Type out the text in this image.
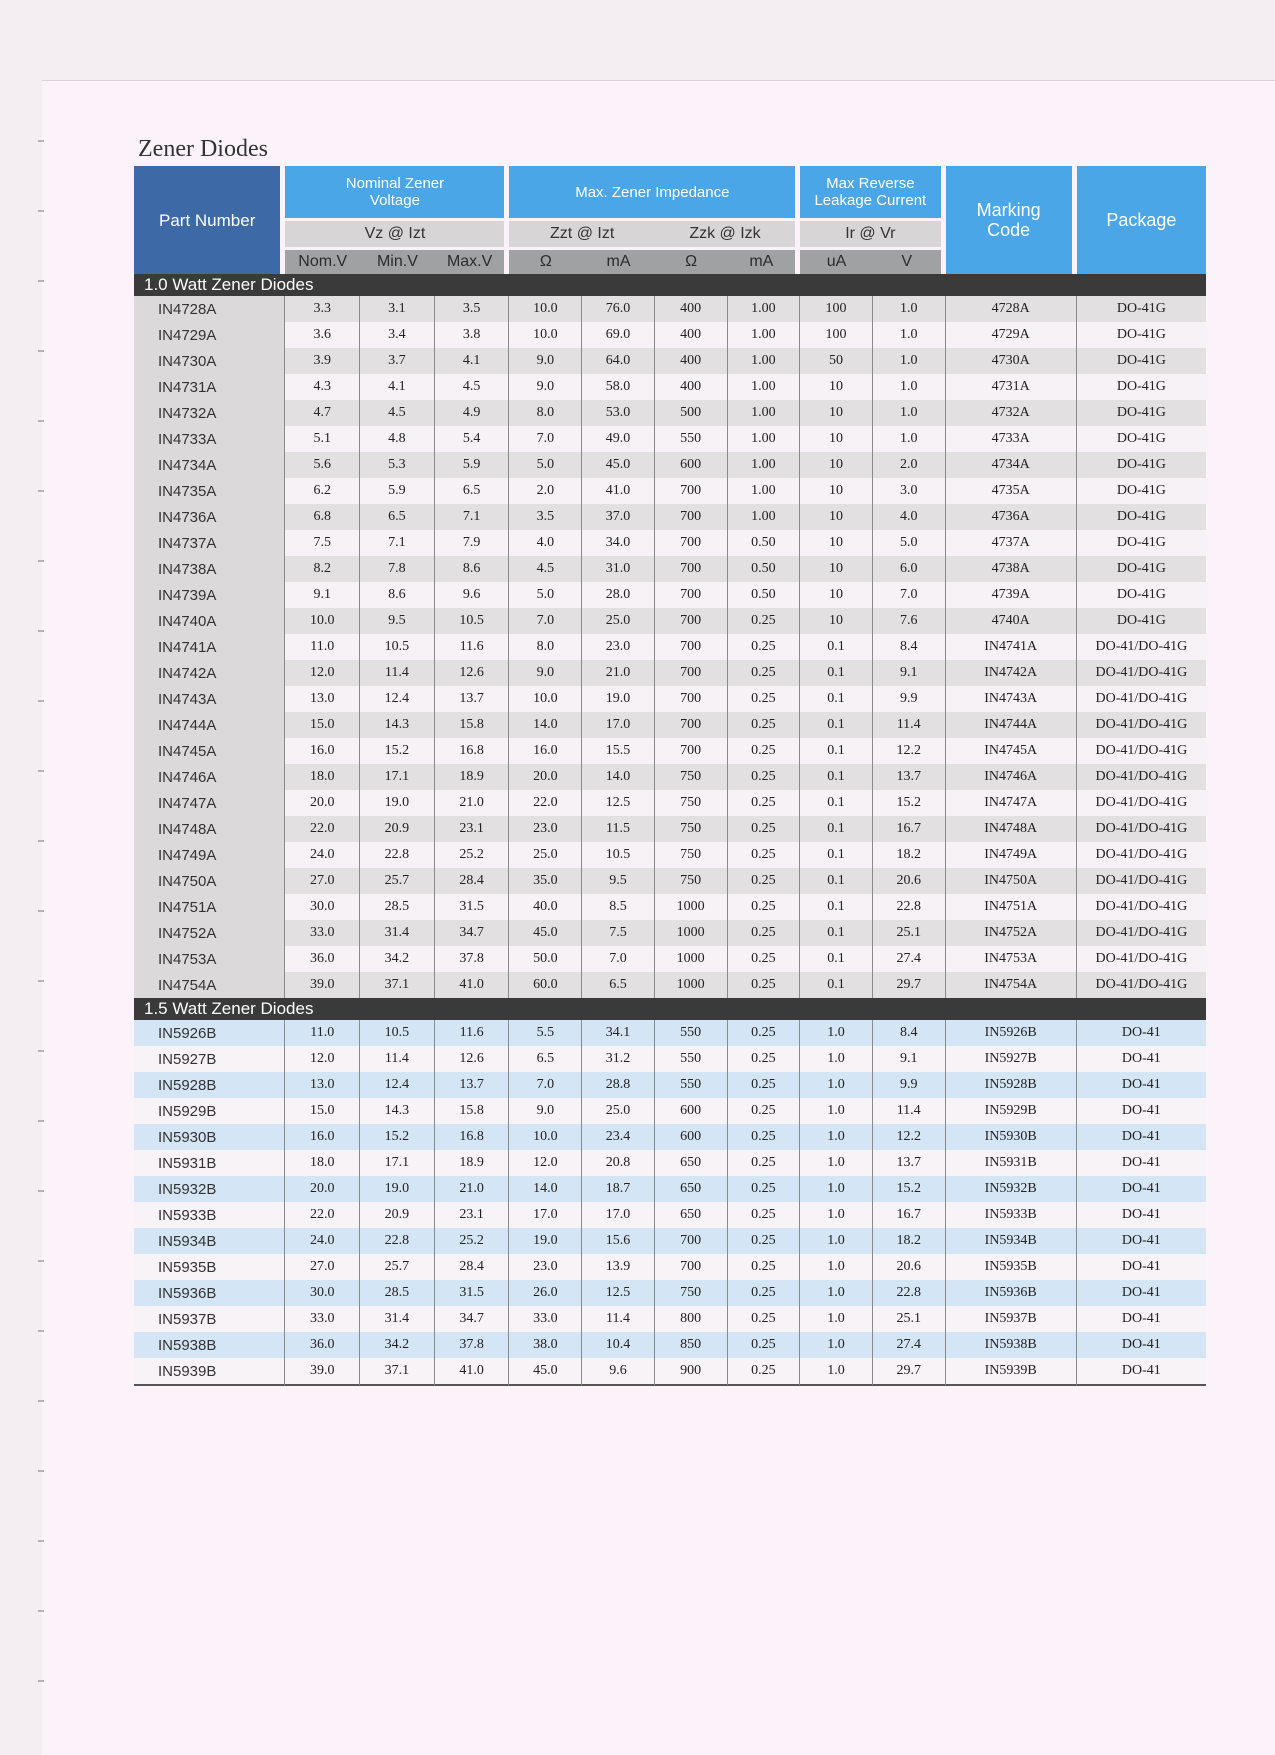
Zener Diodes
Part Number	Nominal Zener Voltage			Max. Zener Impedance				Max Reverse Leakage Current		Marking Code	Package
	Vz @ Izt			Zzt @ Izt		Zzk @ Izk		Ir @ Vr			
	Nom.V	Min.V	Max.V	Ω	mA	Ω	mA	uA	V		
1.0 Watt Zener Diodes											
IN4728A	3.3	3.1	3.5	10.0	76.0	400	1.00	100	1.0	4728A	DO-41G
IN4729A	3.6	3.4	3.8	10.0	69.0	400	1.00	100	1.0	4729A	DO-41G
IN4730A	3.9	3.7	4.1	9.0	64.0	400	1.00	50	1.0	4730A	DO-41G
IN4731A	4.3	4.1	4.5	9.0	58.0	400	1.00	10	1.0	4731A	DO-41G
IN4732A	4.7	4.5	4.9	8.0	53.0	500	1.00	10	1.0	4732A	DO-41G
IN4733A	5.1	4.8	5.4	7.0	49.0	550	1.00	10	1.0	4733A	DO-41G
IN4734A	5.6	5.3	5.9	5.0	45.0	600	1.00	10	2.0	4734A	DO-41G
IN4735A	6.2	5.9	6.5	2.0	41.0	700	1.00	10	3.0	4735A	DO-41G
IN4736A	6.8	6.5	7.1	3.5	37.0	700	1.00	10	4.0	4736A	DO-41G
IN4737A	7.5	7.1	7.9	4.0	34.0	700	0.50	10	5.0	4737A	DO-41G
IN4738A	8.2	7.8	8.6	4.5	31.0	700	0.50	10	6.0	4738A	DO-41G
IN4739A	9.1	8.6	9.6	5.0	28.0	700	0.50	10	7.0	4739A	DO-41G
IN4740A	10.0	9.5	10.5	7.0	25.0	700	0.25	10	7.6	4740A	DO-41G
IN4741A	11.0	10.5	11.6	8.0	23.0	700	0.25	0.1	8.4	IN4741A	DO-41/DO-41G
IN4742A	12.0	11.4	12.6	9.0	21.0	700	0.25	0.1	9.1	IN4742A	DO-41/DO-41G
IN4743A	13.0	12.4	13.7	10.0	19.0	700	0.25	0.1	9.9	IN4743A	DO-41/DO-41G
IN4744A	15.0	14.3	15.8	14.0	17.0	700	0.25	0.1	11.4	IN4744A	DO-41/DO-41G
IN4745A	16.0	15.2	16.8	16.0	15.5	700	0.25	0.1	12.2	IN4745A	DO-41/DO-41G
IN4746A	18.0	17.1	18.9	20.0	14.0	750	0.25	0.1	13.7	IN4746A	DO-41/DO-41G
IN4747A	20.0	19.0	21.0	22.0	12.5	750	0.25	0.1	15.2	IN4747A	DO-41/DO-41G
IN4748A	22.0	20.9	23.1	23.0	11.5	750	0.25	0.1	16.7	IN4748A	DO-41/DO-41G
IN4749A	24.0	22.8	25.2	25.0	10.5	750	0.25	0.1	18.2	IN4749A	DO-41/DO-41G
IN4750A	27.0	25.7	28.4	35.0	9.5	750	0.25	0.1	20.6	IN4750A	DO-41/DO-41G
IN4751A	30.0	28.5	31.5	40.0	8.5	1000	0.25	0.1	22.8	IN4751A	DO-41/DO-41G
IN4752A	33.0	31.4	34.7	45.0	7.5	1000	0.25	0.1	25.1	IN4752A	DO-41/DO-41G
IN4753A	36.0	34.2	37.8	50.0	7.0	1000	0.25	0.1	27.4	IN4753A	DO-41/DO-41G
IN4754A	39.0	37.1	41.0	60.0	6.5	1000	0.25	0.1	29.7	IN4754A	DO-41/DO-41G
1.5 Watt Zener Diodes											
IN5926B	11.0	10.5	11.6	5.5	34.1	550	0.25	1.0	8.4	IN5926B	DO-41
IN5927B	12.0	11.4	12.6	6.5	31.2	550	0.25	1.0	9.1	IN5927B	DO-41
IN5928B	13.0	12.4	13.7	7.0	28.8	550	0.25	1.0	9.9	IN5928B	DO-41
IN5929B	15.0	14.3	15.8	9.0	25.0	600	0.25	1.0	11.4	IN5929B	DO-41
IN5930B	16.0	15.2	16.8	10.0	23.4	600	0.25	1.0	12.2	IN5930B	DO-41
IN5931B	18.0	17.1	18.9	12.0	20.8	650	0.25	1.0	13.7	IN5931B	DO-41
IN5932B	20.0	19.0	21.0	14.0	18.7	650	0.25	1.0	15.2	IN5932B	DO-41
IN5933B	22.0	20.9	23.1	17.0	17.0	650	0.25	1.0	16.7	IN5933B	DO-41
IN5934B	24.0	22.8	25.2	19.0	15.6	700	0.25	1.0	18.2	IN5934B	DO-41
IN5935B	27.0	25.7	28.4	23.0	13.9	700	0.25	1.0	20.6	IN5935B	DO-41
IN5936B	30.0	28.5	31.5	26.0	12.5	750	0.25	1.0	22.8	IN5936B	DO-41
IN5937B	33.0	31.4	34.7	33.0	11.4	800	0.25	1.0	25.1	IN5937B	DO-41
IN5938B	36.0	34.2	37.8	38.0	10.4	850	0.25	1.0	27.4	IN5938B	DO-41
IN5939B	39.0	37.1	41.0	45.0	9.6	900	0.25	1.0	29.7	IN5939B	DO-41
